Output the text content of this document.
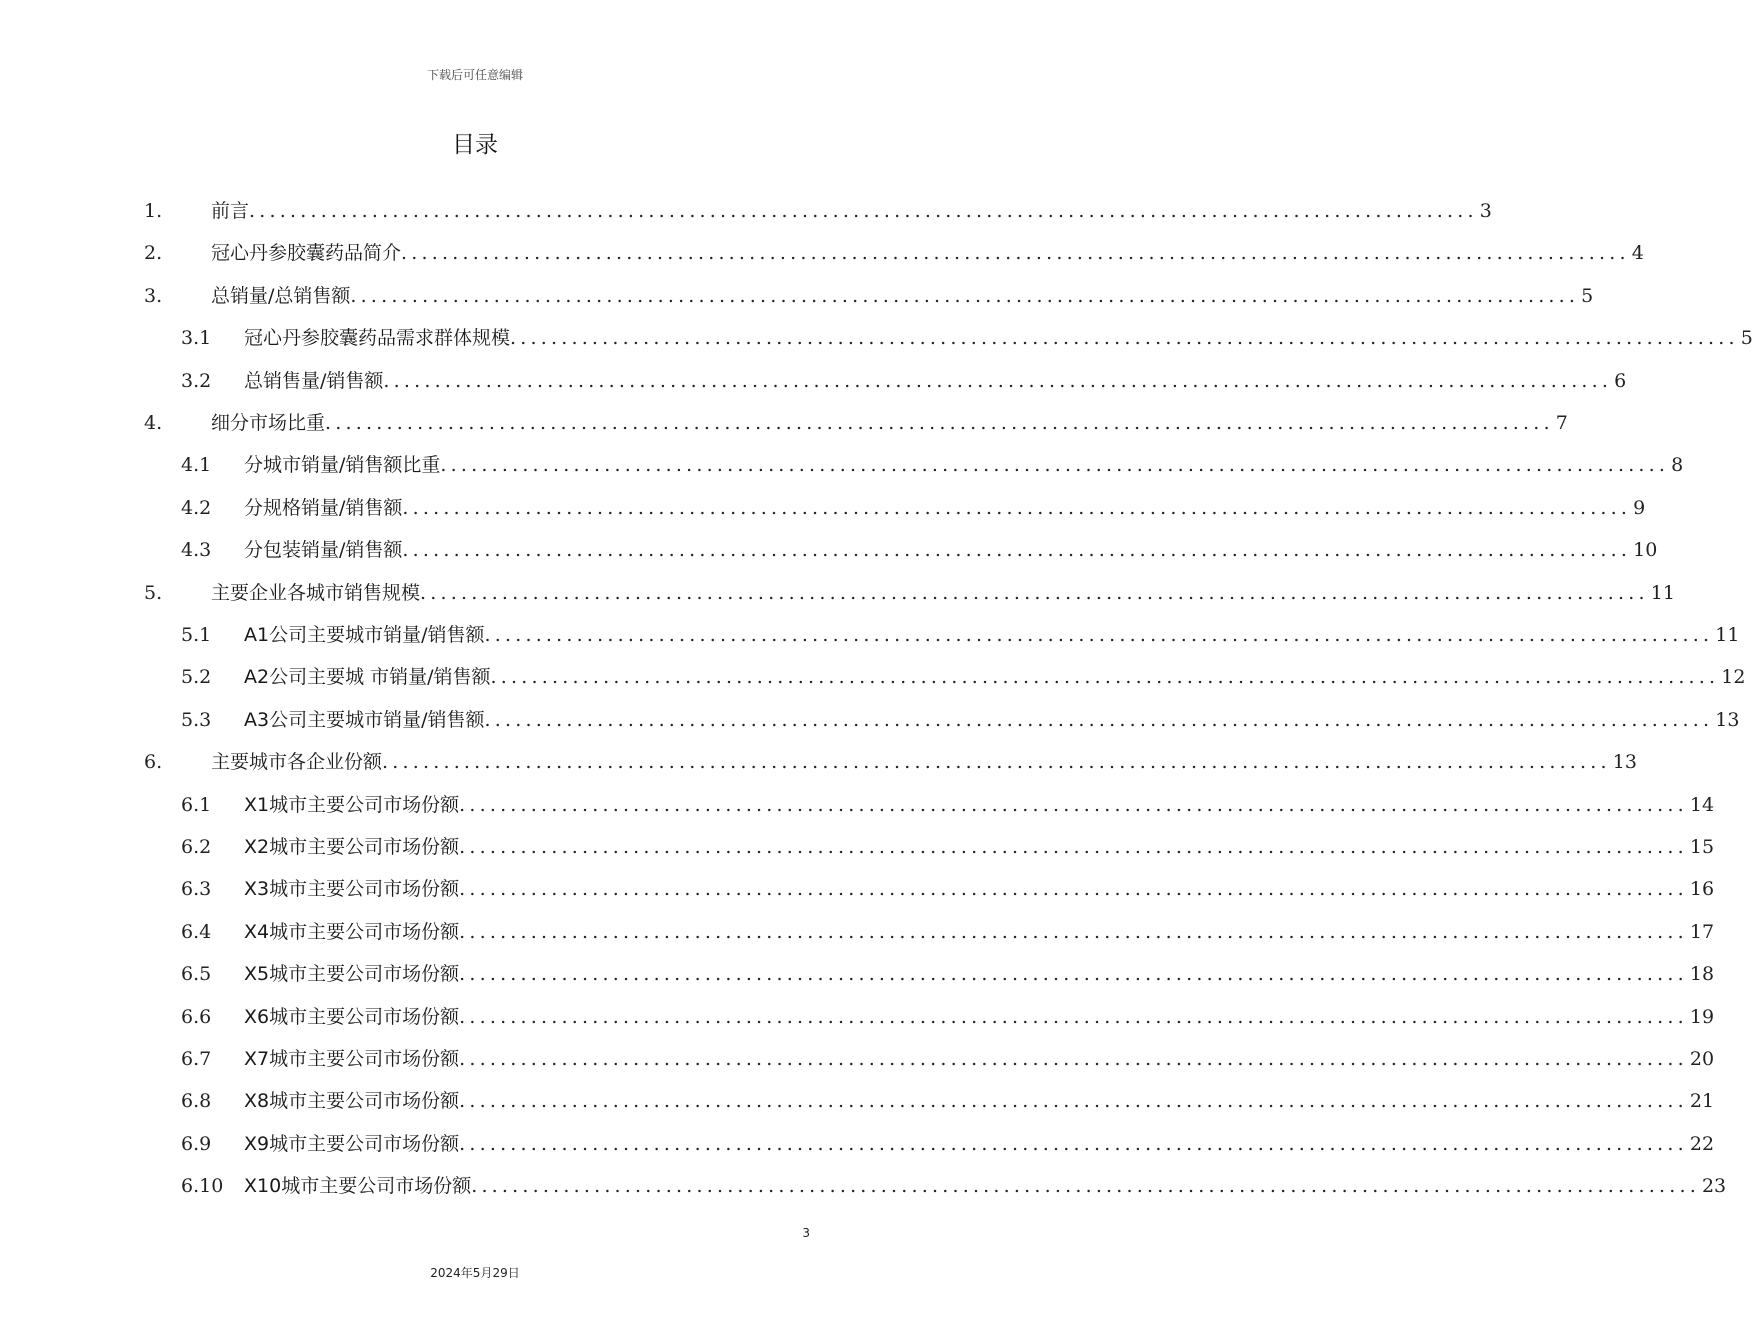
下载后可任意编辑
目录
1.	前言 ........................................................................................................................ 3
2.	冠心丹参胶囊药品简介 ........................................................................................................................ 4
3.	总销量/总销售额 ........................................................................................................................ 5
3.1 冠心丹参胶囊药品需求群体规模 ........................................................................................................................ 5
3.2 总销售量/销售额 ........................................................................................................................ 6
4.	细分市场比重 ........................................................................................................................ 7
4.1 分城市销量/销售额比重 ........................................................................................................................ 8
4.2 分规格销量/销售额 ........................................................................................................................ 9
4.3 分包装销量/销售额 ........................................................................................................................ 10
5.	主要企业各城市销售规模 ........................................................................................................................ 11
5.1 A1公司主要城市销量/销售额 ........................................................................................................................ 11
5.2 A2公司主要城 市销量/销售额 ........................................................................................................................ 12
5.3 A3公司主要城市销量/销售额 ........................................................................................................................ 13
6.	主要城市各企业份额 ........................................................................................................................ 13
6.1 X1城市主要公司市场份额 ........................................................................................................................ 14
6.2 X2城市主要公司市场份额 ........................................................................................................................ 15
6.3 X3城市主要公司市场份额 ........................................................................................................................ 16
6.4 X4城市主要公司市场份额 ........................................................................................................................ 17
6.5 X5城市主要公司市场份额 ........................................................................................................................ 18
6.6 X6城市主要公司市场份额 ........................................................................................................................ 19
6.7 X7城市主要公司市场份额 ........................................................................................................................ 20
6.8 X8城市主要公司市场份额 ........................................................................................................................ 21
6.9 X9城市主要公司市场份额 ........................................................................................................................ 22
6.10 X10城市主要公司市场份额 ........................................................................................................................ 23
3
2024年5月29日
